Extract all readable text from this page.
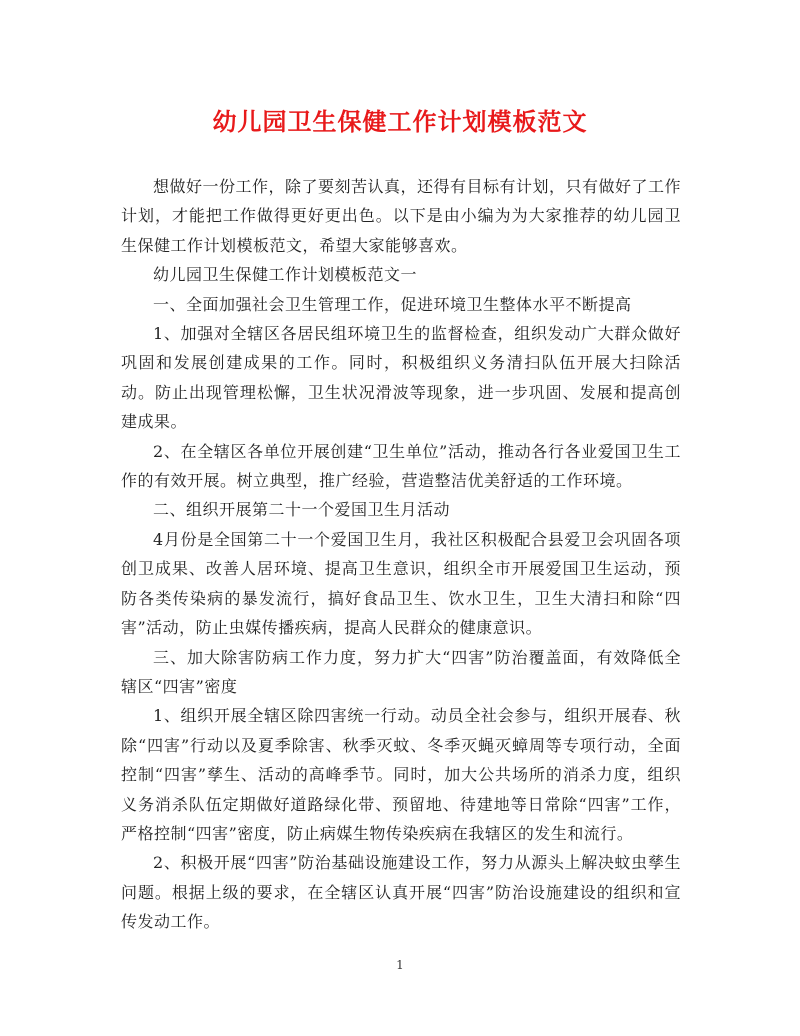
幼儿园卫生保健工作计划模板范文

想做好一份工作，除了要刻苦认真，还得有目标有计划，只有做好了工作计划，才能把工作做得更好更出色。以下是由小编为为大家推荐的幼儿园卫生保健工作计划模板范文，希望大家能够喜欢。

幼儿园卫生保健工作计划模板范文一

一、全面加强社会卫生管理工作，促进环境卫生整体水平不断提高

1、加强对全辖区各居民组环境卫生的监督检查，组织发动广大群众做好巩固和发展创建成果的工作。同时，积极组织义务清扫队伍开展大扫除活动。防止出现管理松懈，卫生状况滑波等现象，进一步巩固、发展和提高创建成果。

2、在全辖区各单位开展创建“卫生单位”活动，推动各行各业爱国卫生工作的有效开展。树立典型，推广经验，营造整洁优美舒适的工作环境。

二、组织开展第二十一个爱国卫生月活动

4月份是全国第二十一个爱国卫生月，我社区积极配合县爱卫会巩固各项创卫成果、改善人居环境、提高卫生意识，组织全市开展爱国卫生运动，预防各类传染病的暴发流行，搞好食品卫生、饮水卫生，卫生大清扫和除“四害”活动，防止虫媒传播疾病，提高人民群众的健康意识。

三、加大除害防病工作力度，努力扩大“四害”防治覆盖面，有效降低全辖区“四害”密度

1、组织开展全辖区除四害统一行动。动员全社会参与，组织开展春、秋除“四害”行动以及夏季除害、秋季灭蚊、冬季灭蝇灭蟑周等专项行动，全面控制“四害”孳生、活动的高峰季节。同时，加大公共场所的消杀力度，组织义务消杀队伍定期做好道路绿化带、预留地、待建地等日常除“四害”工作，严格控制“四害”密度，防止病媒生物传染疾病在我辖区的发生和流行。

2、积极开展“四害”防治基础设施建设工作，努力从源头上解决蚊虫孳生问题。根据上级的要求，在全辖区认真开展“四害”防治设施建设的组织和宣传发动工作。

1
